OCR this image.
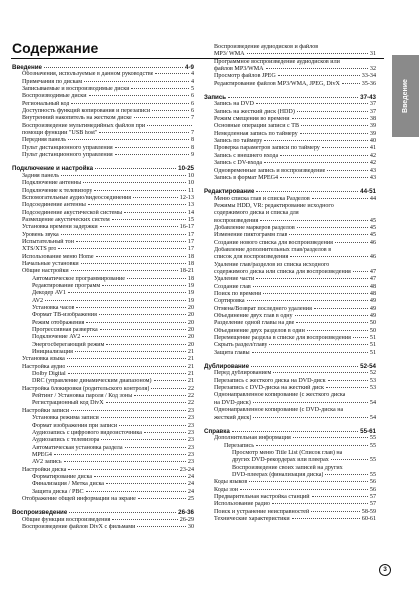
Содержание
Введение	4-9
Обозначения, используемые в данном руководстве	4
Примечания по дискам	4
Записываемые и воспроизводимые диски	5
Воспроизводимые диски	6
Региональный код	6
Доступность функций копирования и перезаписи	6
Внутренний накопитель на жестком диске	7
Воспроизведение мультимедийных файлов при
помощи функции "USB host"	7
Передняя панель	8
Пульт дистанционного управления	8
Пульт дистанционного управления	9
Подключение и настройка	10-25
Задняя панель	10
Подключение антенны	10
Подключение к телевизору	11
Вспомогательные аудио/видеосоединения	12-13
Подсоединение антенны	13
Подсоединение акустической системы	14
Размещение акустических систем	15
Установка времени задержки	16-17
Уровень звука	17
Испытательный тон	17
XTS/XTS pro	17
Использование меню Home	18
Начальные установки	18
Общие настройки	18-21
Автоматическое программирование	18
Редактирование программ	19
Декодер AV1	19
AV2	19
Установка часов	20
Формат ТВ-изображения	20
Режим отображения	20
Прогрессивная развертка	20
Подключение AV2	20
Энергосберегающий режим	20
Инициализация	21
Установка языка	21
Настройка аудио	21
Dolby Digital	21
DRC (управление динамическим диапазоном)	21
Настройка блокировки (родительского контроля)	22
Рейтинг / Установка пароля / Код зоны	22
Регистрационный код DivX	22
Настройки записи	23
Установка режима записи	23
Формат изображения при записи	23
Аудиозапись с цифрового видеоисточника	23
Аудиозапись с телевизора	23
Автоматическая установка раздела	23
MPEG4	23
AV2 запись	23
Настройки диска	23-24
Форматирование диска	24
Финализация / Метка диска	24
Защита диска / PBC	24
Отображение общей информации на экране	25
Воспроизведение	26-36
Общие функции воспроизведения	26-29
Воспроизведение файлов DivX с фильмами	30
Воспроизведение аудиодисков и файлов
MP3/ WMA	31
Программное воспроизведение аудиодисков или
файлов MP3/WMA	32
Просмотр файлов JPEG	33-34
Редактирование файлов MP3/WMA, JPEG, DivX	35-36
Запись	37-43
Запись на DVD	37
Запись на жесткий диск (HDD)	37
Режим смещения во времени	38
Основные операции записи с ТВ	39
Немедленная запись по таймеру	39
Запись по таймеру	40
Проверка параметров записи по таймеру	41
Запись с внешнего входа	42
Запись с DV-входа	42
Одновременные запись и воспроизведение	43
Запись в формат MPEG4	43
Редактирование	44-51
Меню списка глав и списка Разделов	44
Режимы HDD, VR: редактирование исходного
содержимого диска и списка для
воспроизведения	45
Добавление маркеров разделов	45
Изменение пиктограмм глав	45
Создание нового списка для воспроизведения	46
Добавление дополнительных глав/разделов в
список для воспроизведения	46
Удаление глав/разделов из списка исходного
содержимого диска или списка для воспроизведения	47
Удаление части	47
Создание глав	48
Поиск по времени	48
Сортировка	49
Отмена/Возврат последнего удаления	49
Объединение двух глав в одну	49
Разделение одной главы на две	50
Объединение двух разделов в один	50
Перемещение раздела в списке для воспроизведения	51
Скрыть раздел/главу	51
Защита главы	51
Дублирование	52-54
Перед дублированием	52
Перезапись с жесткого диска на DVD-диск	53
Перезапись с DVD-диска на жесткий диск	53
Однонаправленное копирование (с жесткого диска
на DVD-диск)	54
Однонаправленное копирование (с DVD-диска на
жесткий диск)	54
Справка	55-61
Дополнительная информация	55
Перезапись	55
Просмотр меню Title List (Список глав) на
других DVD-рекордерах или плеерах	55
Воспроизведение своих записей на других
DVD-плеерах (финализация диска)	55
Коды языков	56
Коды зон	56
Предварительная настройка станций	57
Использование радио	57
Поиск и устранение неисправностей	58-59
Технические характеристики	60-61
Введение
3
